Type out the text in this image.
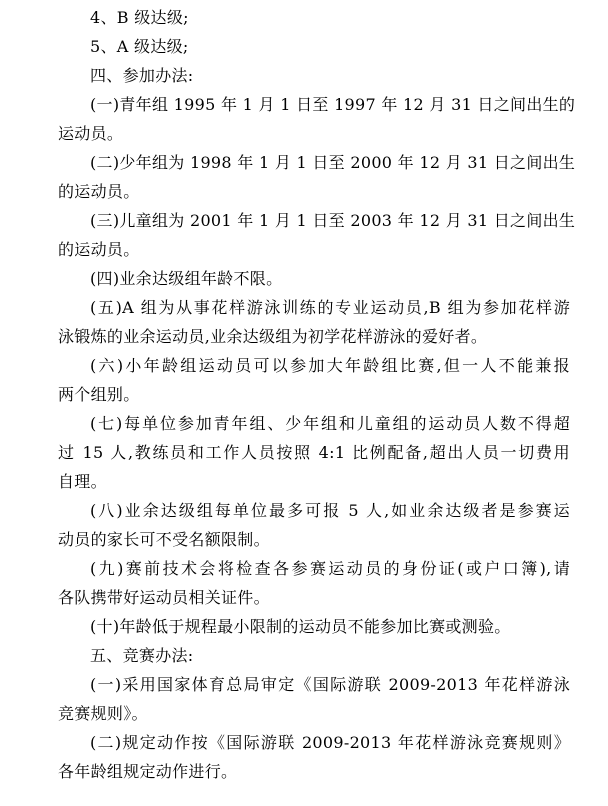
4、B 级达级;

5、A 级达级;

四、参加办法:

(一)青年组 1995 年 1 月 1 日至 1997 年 12 月 31 日之间出生的

运动员。

(二)少年组为 1998 年 1 月 1 日至 2000 年 12 月 31 日之间出生

的运动员。

(三)儿童组为 2001 年 1 月 1 日至 2003 年 12 月 31 日之间出生

的运动员。

(四)业余达级组年龄不限。

(五)A 组为从事花样游泳训练的专业运动员,B 组为参加花样游

泳锻炼的业余运动员,业余达级组为初学花样游泳的爱好者。

(六)小年龄组运动员可以参加大年龄组比赛,但一人不能兼报

两个组别。

(七)每单位参加青年组、少年组和儿童组的运动员人数不得超

过 15 人,教练员和工作人员按照 4:1 比例配备,超出人员一切费用

自理。

(八)业余达级组每单位最多可报 5 人,如业余达级者是参赛运

动员的家长可不受名额限制。

(九)赛前技术会将检查各参赛运动员的身份证(或户口簿),请

各队携带好运动员相关证件。

(十)年龄低于规程最小限制的运动员不能参加比赛或测验。

五、竞赛办法:

(一)采用国家体育总局审定《国际游联 2009-2013 年花样游泳

竞赛规则》。

(二)规定动作按《国际游联 2009-2013 年花样游泳竞赛规则》

各年龄组规定动作进行。
